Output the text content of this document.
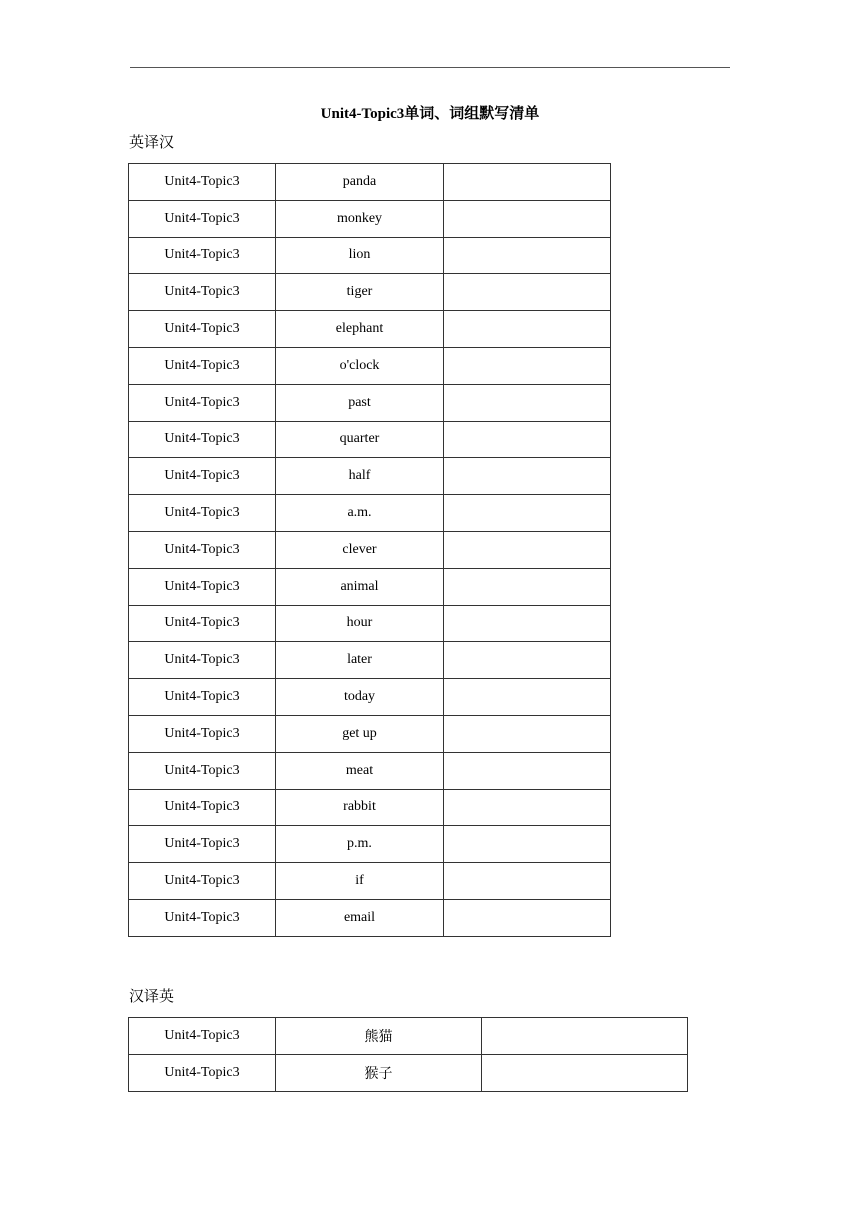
Unit4-Topic3单词、词组默写清单
英译汉
Unit4-Topic3	panda	
Unit4-Topic3	monkey	
Unit4-Topic3	lion	
Unit4-Topic3	tiger	
Unit4-Topic3	elephant	
Unit4-Topic3	o'clock	
Unit4-Topic3	past	
Unit4-Topic3	quarter	
Unit4-Topic3	half	
Unit4-Topic3	a.m.	
Unit4-Topic3	clever	
Unit4-Topic3	animal	
Unit4-Topic3	hour	
Unit4-Topic3	later	
Unit4-Topic3	today	
Unit4-Topic3	get up	
Unit4-Topic3	meat	
Unit4-Topic3	rabbit	
Unit4-Topic3	p.m.	
Unit4-Topic3	if	
Unit4-Topic3	email	
汉译英
Unit4-Topic3	熊猫	
Unit4-Topic3	猴子	
